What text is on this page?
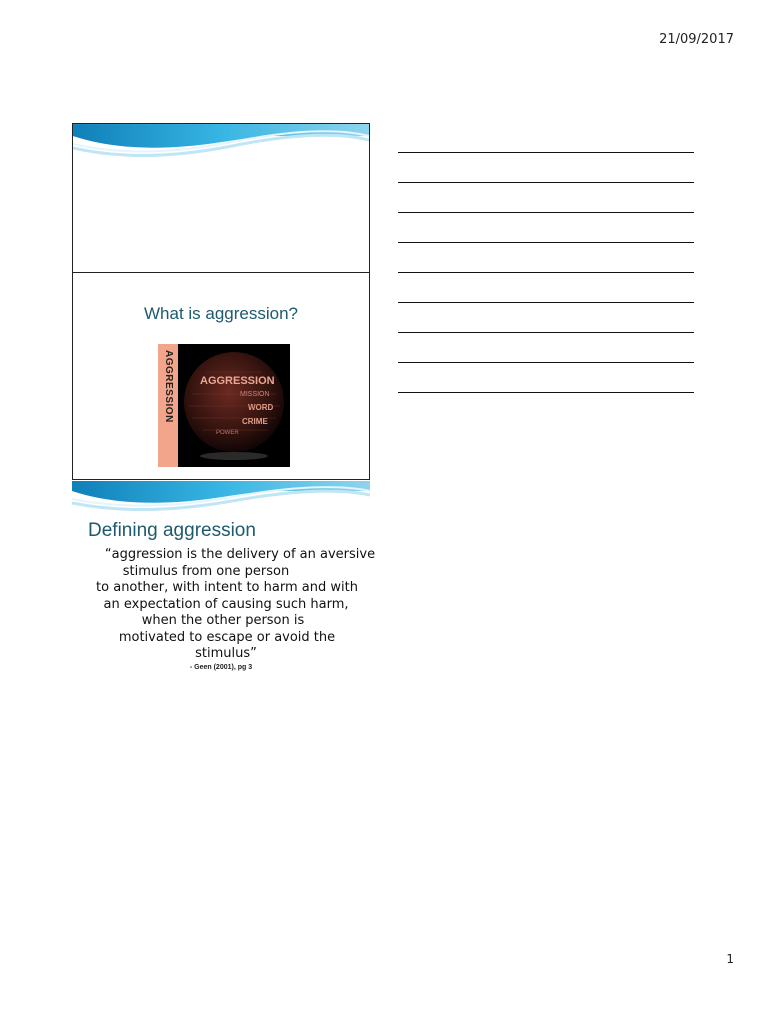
21/09/2017
What is aggression?
AGGRESSION AGGRESSION
MISSION
WORD
CRIME
POWER
Defining aggression
“aggression is the delivery of an aversive
stimulus from one person
to another, with intent to harm and with
an expectation of causing such harm,
when the other person is
motivated to escape or avoid the
stimulus”
- Geen (2001), pg 3
1
